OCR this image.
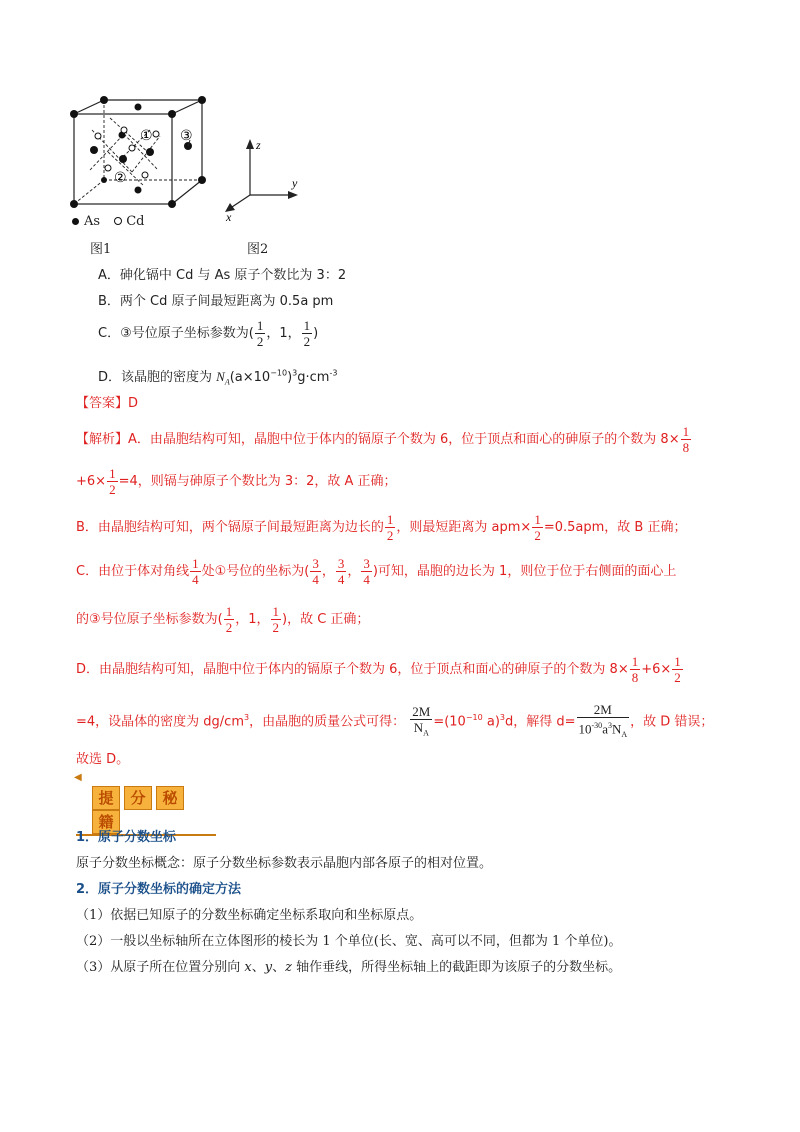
①
②
③
As Cd
z
y
x
图1	图2
A．砷化镉中 Cd 与 As 原子个数比为 3：2
B．两个 Cd 原子间最短距离为 0.5a pm
C．③号位原子坐标参数为( $\frac{1}{2}$ ，1， $\frac{1}{2}$ )
D．该晶胞的密度为 $N_A(a\times 10^{-10})^3g\cdot cm^{-3}$
【答案】D
【解析】A．由晶胞结构可知，晶胞中位于体内的镉原子个数为 6，位于顶点和面心的砷原子的个数为 $8\times \frac{1}{8}$
$+6\times \frac{1}{2} =4$，则镉与砷原子个数比为 3：2，故 A 正确；
B．由晶胞结构可知，两个镉原子间最短距离为边长的 $\frac{1}{2}$ ，则最短距离为 $apm\times \frac{1}{2} =0.5apm$，故 B 正确；
C．由位于体对角线 $\frac{1}{4}$ 处①号位的坐标为( $\frac{3}{4}$ ， $\frac{3}{4}$ ， $\frac{3}{4}$ )可知，晶胞的边长为 1，则位于位于右侧面的面心上
的③号位原子坐标参数为( $\frac{1}{2}$ ，1， $\frac{1}{2}$ )，故 C 正确；
D．由晶胞结构可知，晶胞中位于体内的镉原子个数为 6，位于顶点和面心的砷原子的个数为 $8\times \frac{1}{8} +6\times \frac{1}{2}$
=4，设晶体的密度为 $dg/cm^3$，由晶胞的质量公式可得： $\frac{2M}{N_A} =(10^{-10}$ a)$^3$d，解得 $d= \frac{2M}{10^{-30}a^3N_A}$ ，故 D 错误；
故选 D。
◀
提 分 秘籍
1．原子分数坐标
原子分数坐标概念：原子分数坐标参数表示晶胞内部各原子的相对位置。
2．原子分数坐标的确定方法
（1）依据已知原子的分数坐标确定坐标系取向和坐标原点。
（2）一般以坐标轴所在立体图形的棱长为 1 个单位(长、宽、高可以不同，但都为 1 个单位)。
（3）从原子所在位置分别向 x、y、z 轴作垂线，所得坐标轴上的截距即为该原子的分数坐标。
